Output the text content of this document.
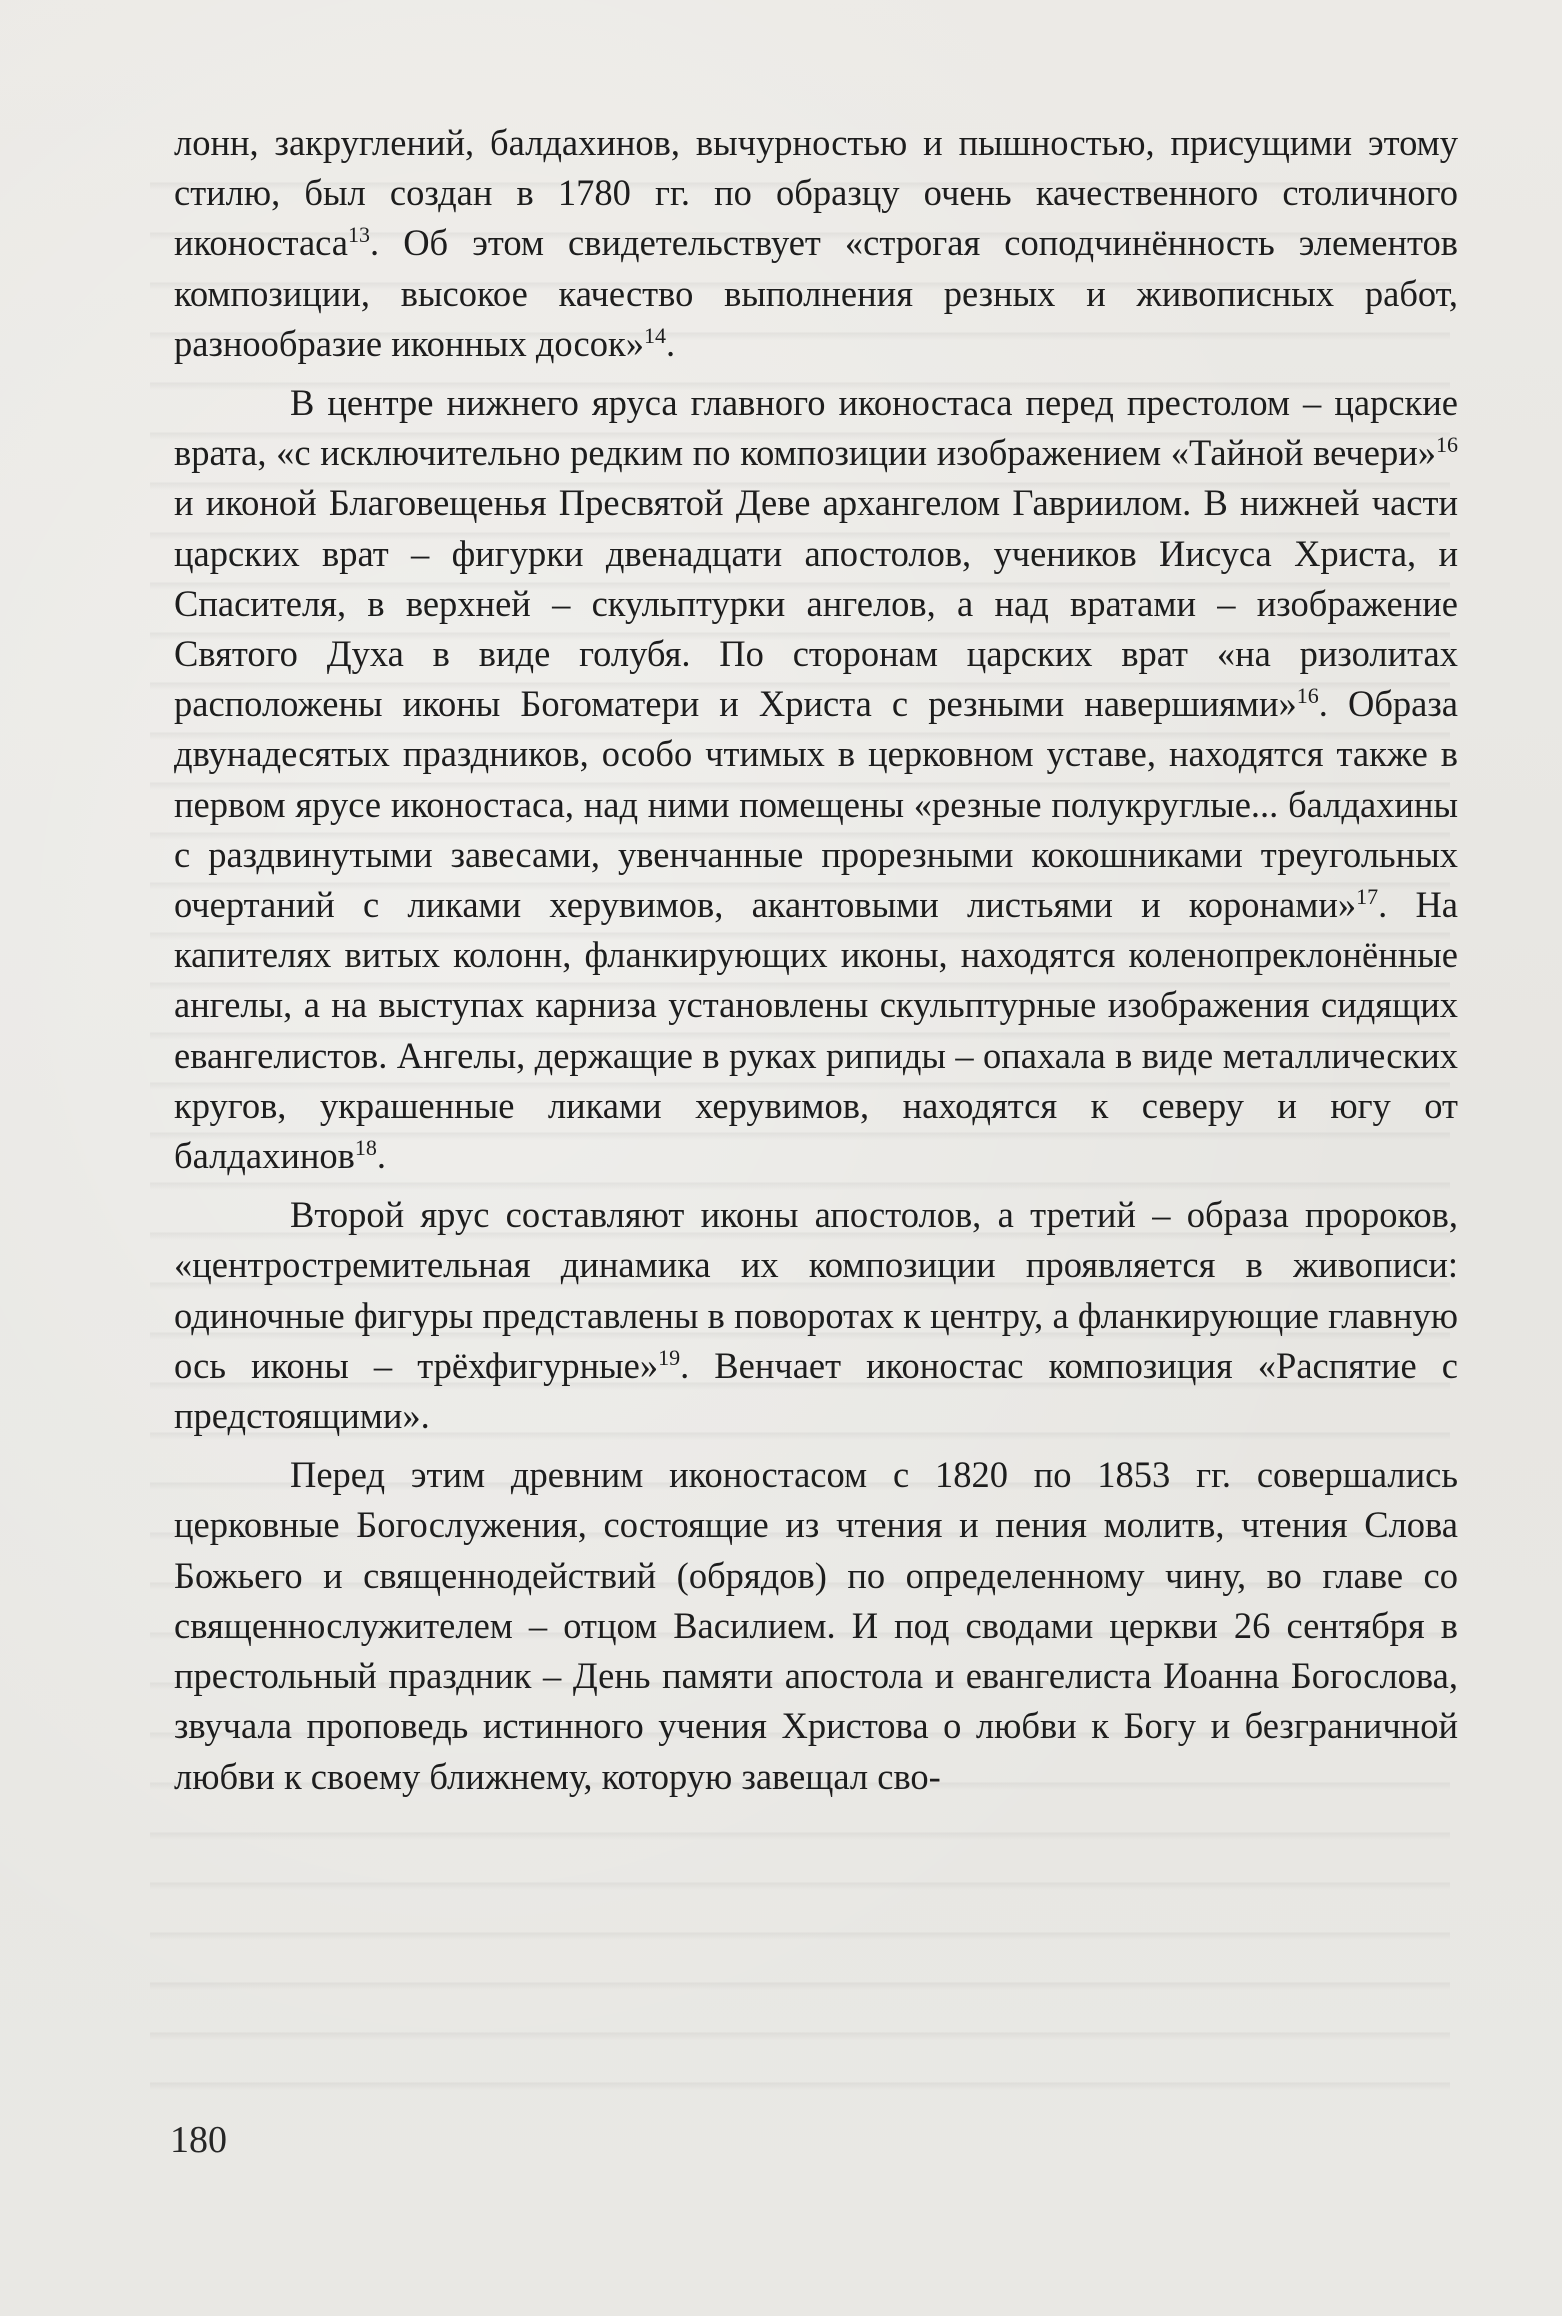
лонн, закруглений, балдахинов, вычурностью и пышностью, присущими этому стилю, был создан в 1780 гг. по образцу очень качественного столичного иконостаса$^{13}$. Об этом свидетельствует «строгая соподчинённость элементов композиции, высокое качество выполнения резных и живописных работ, разнообразие иконных досок»$^{14}$.

В центре нижнего яруса главного иконостаса перед престолом – царские врата, «с исключительно редким по композиции изображением «Тайной вечери»$^{16}$ и иконой Благовещенья Пресвятой Деве архангелом Гавриилом. В нижней части царских врат – фигурки двенадцати апостолов, учеников Иисуса Христа, и Спасителя, в верхней – скульптурки ангелов, а над вратами – изображение Святого Духа в виде голубя. По сторонам царских врат «на ризолитах расположены иконы Богоматери и Христа с резными навершиями»$^{16}$. Образа двунадесятых праздников, особо чтимых в церковном уставе, находятся также в первом ярусе иконостаса, над ними помещены «резные полукруглые... балдахины с раздвинутыми завесами, увенчанные прорезными кокошниками треугольных очертаний с ликами херувимов, акантовыми листьями и коронами»$^{17}$. На капителях витых колонн, фланкирующих иконы, находятся коленопреклонённые ангелы, а на выступах карниза установлены скульптурные изображения сидящих евангелистов. Ангелы, держащие в руках рипиды – опахала в виде металлических кругов, украшенные ликами херувимов, находятся к северу и югу от балдахинов$^{18}$.

Второй ярус составляют иконы апостолов, а третий – образа пророков, «центростремительная динамика их композиции проявляется в живописи: одиночные фигуры представлены в поворотах к центру, а фланкирующие главную ось иконы – трёхфигурные»$^{19}$. Венчает иконостас композиция «Распятие с предстоящими».

Перед этим древним иконостасом с 1820 по 1853 гг. совершались церковные Богослужения, состоящие из чтения и пения молитв, чтения Слова Божьего и священнодействий (обрядов) по определенному чину, во главе со священнослужителем – отцом Василием. И под сводами церкви 26 сентября в престольный праздник – День памяти апостола и евангелиста Иоанна Богослова, звучала проповедь истинного учения Христова о любви к Богу и безграничной любви к своему ближнему, которую завещал сво-

180
